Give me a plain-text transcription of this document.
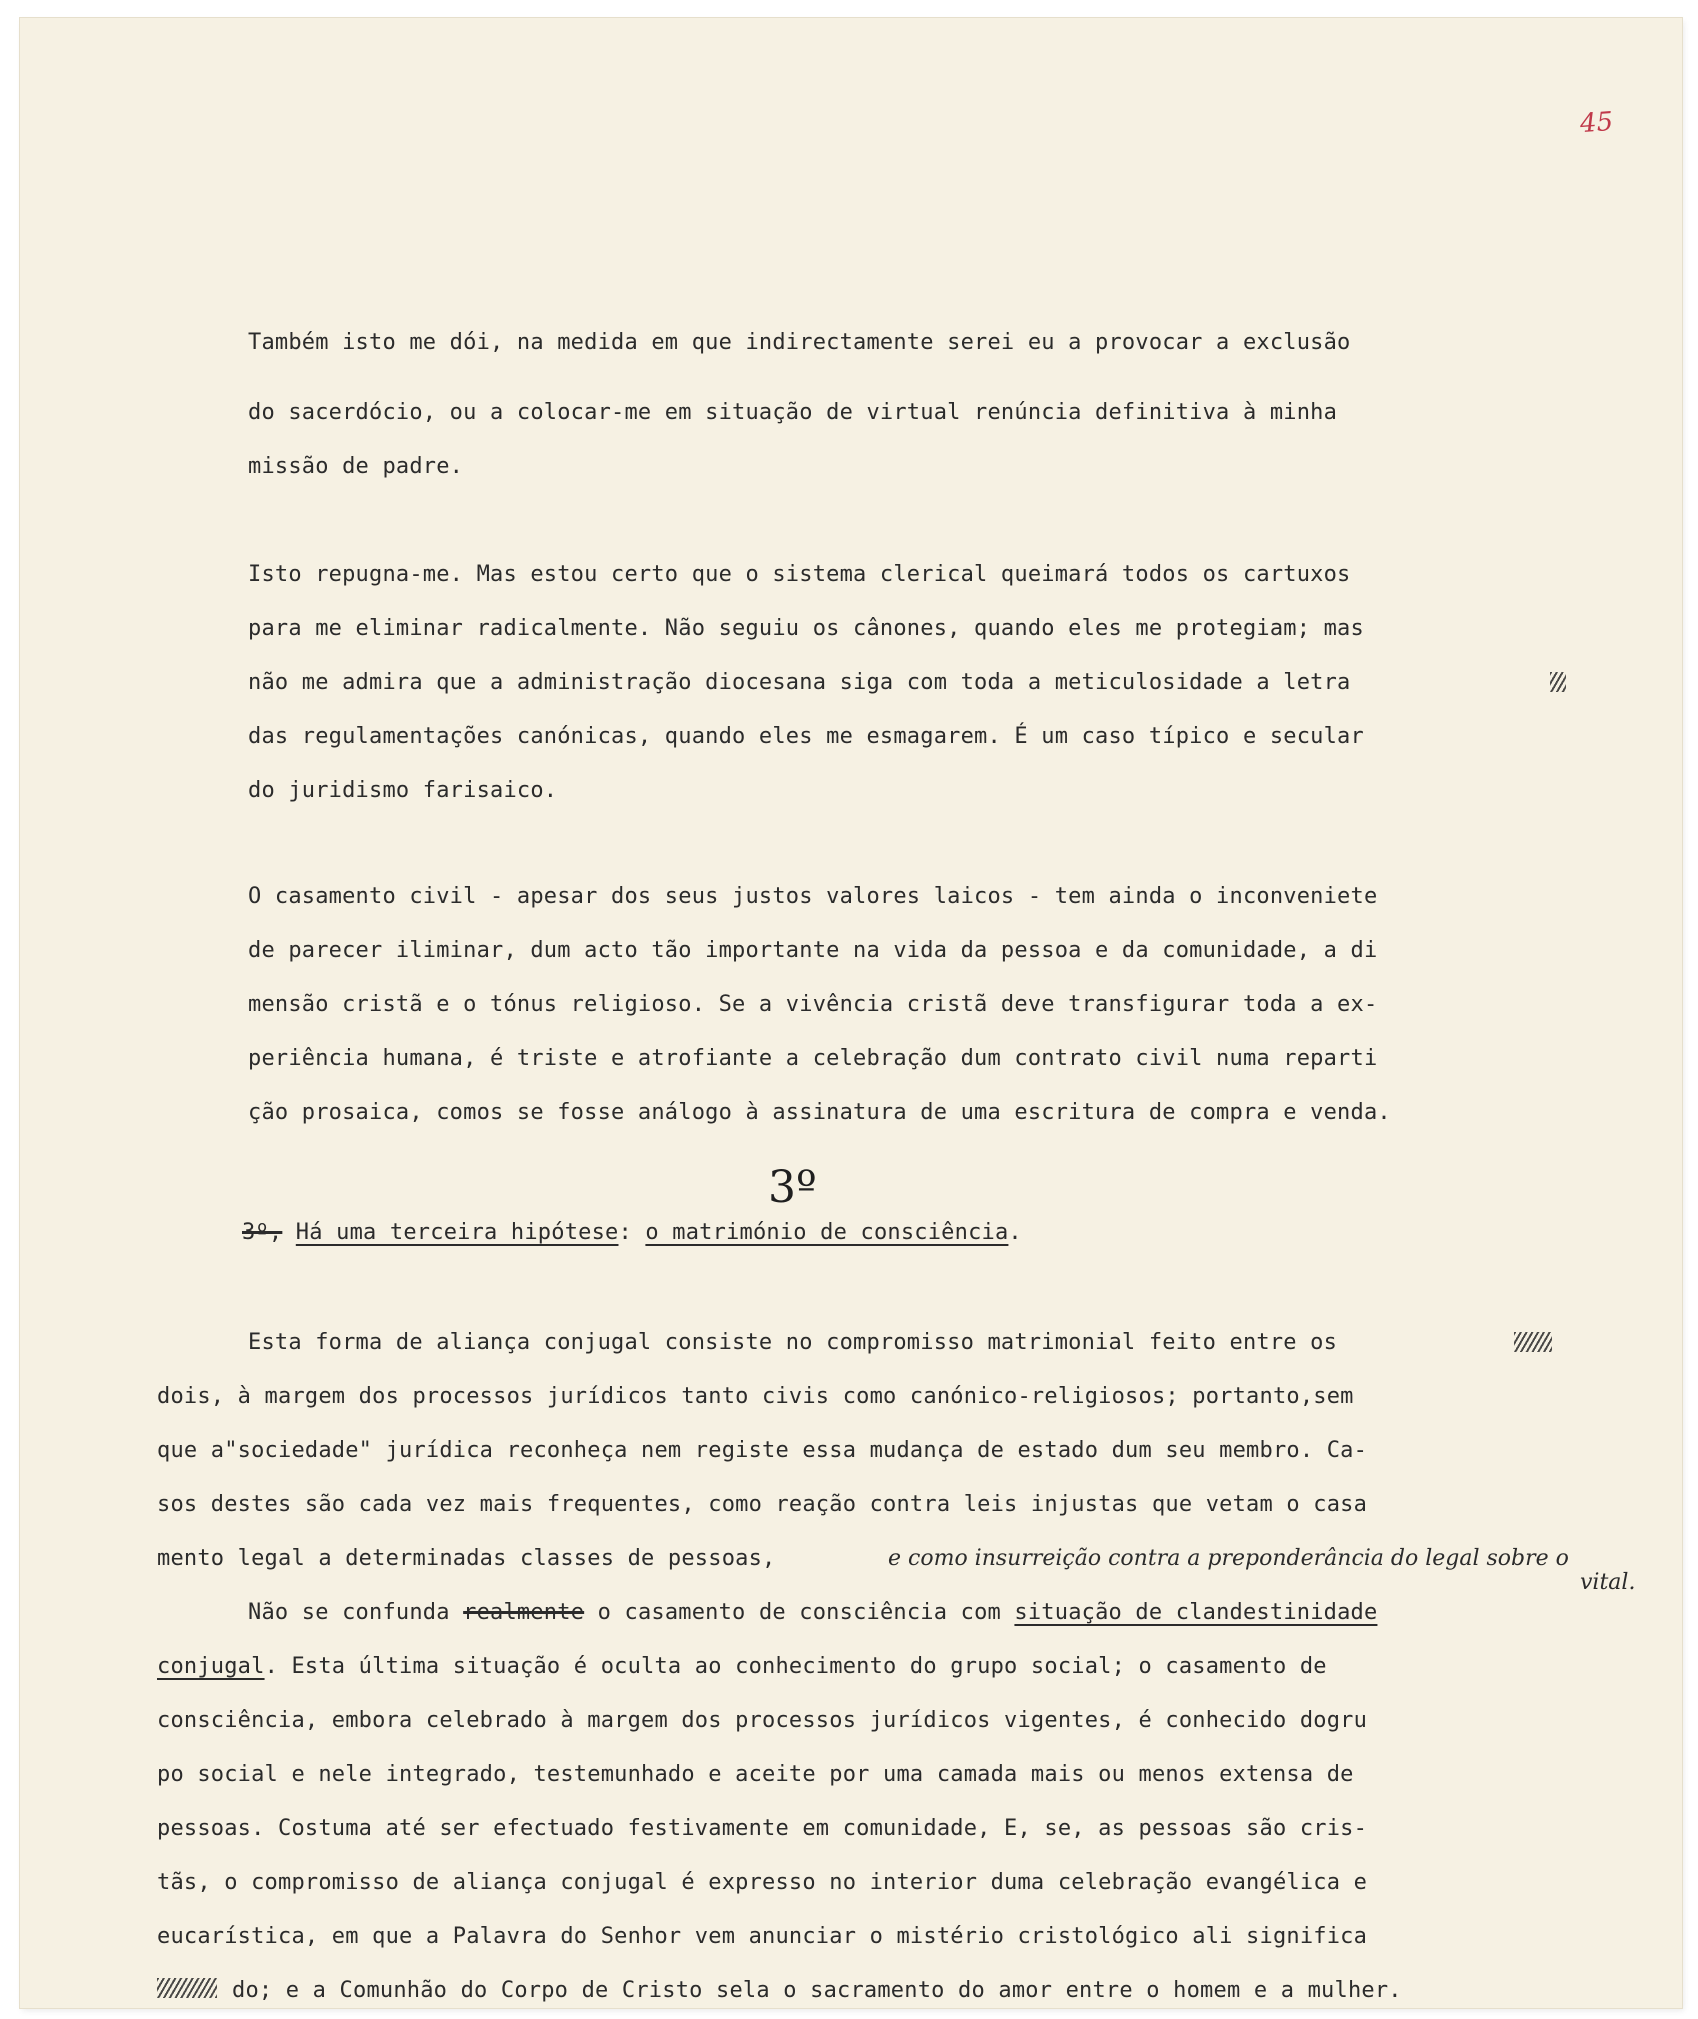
45
Também isto me dói, na medida em que indirectamente serei eu a provocar a exclusão
do sacerdócio, ou a colocar-me em situação de virtual renúncia definitiva à minha
missão de padre.
Isto repugna-me. Mas estou certo que o sistema clerical queimará todos os cartuxos
para me eliminar radicalmente. Não seguiu os cânones, quando eles me protegiam; mas
não me admira que a administração diocesana siga com toda a meticulosidade a letra
das regulamentações canónicas, quando eles me esmagarem. É um caso típico e secular
do juridismo farisaico.
O casamento civil - apesar dos seus justos valores laicos - tem ainda o inconveniete
de parecer iliminar, dum acto tão importante na vida da pessoa e da comunidade, a di
mensão cristã e o tónus religioso. Se a vivência cristã deve transfigurar toda a ex-
periência humana, é triste e atrofiante a celebração dum contrato civil numa reparti
ção prosaica, comos se fosse análogo à assinatura de uma escritura de compra e venda.
3º
3º, Há uma terceira hipótese: o matrimónio de consciência.
Esta forma de aliança conjugal consiste no compromisso matrimonial feito entre os
dois, à margem dos processos jurídicos tanto civis como canónico-religiosos; portanto,sem
que a"sociedade" jurídica reconheça nem registe essa mudança de estado dum seu membro. Ca-
sos destes são cada vez mais frequentes, como reação contra leis injustas que vetam o casa
mento legal a determinadas classes de pessoas,	e como insurreição contra a preponderância do legal sobre o
vital.
Não se confunda realmente o casamento de consciência com situação de clandestinidade
conjugal. Esta última situação é oculta ao conhecimento do grupo social; o casamento de
consciência, embora celebrado à margem dos processos jurídicos vigentes, é conhecido dogru
po social e nele integrado, testemunhado e aceite por uma camada mais ou menos extensa de
pessoas. Costuma até ser efectuado festivamente em comunidade, E, se, as pessoas são cris-
tãs, o compromisso de aliança conjugal é expresso no interior duma celebração evangélica e
eucarística, em que a Palavra do Senhor vem anunciar o mistério cristológico ali significa
do; e a Comunhão do Corpo de Cristo sela o sacramento do amor entre o homem e a mulher.
